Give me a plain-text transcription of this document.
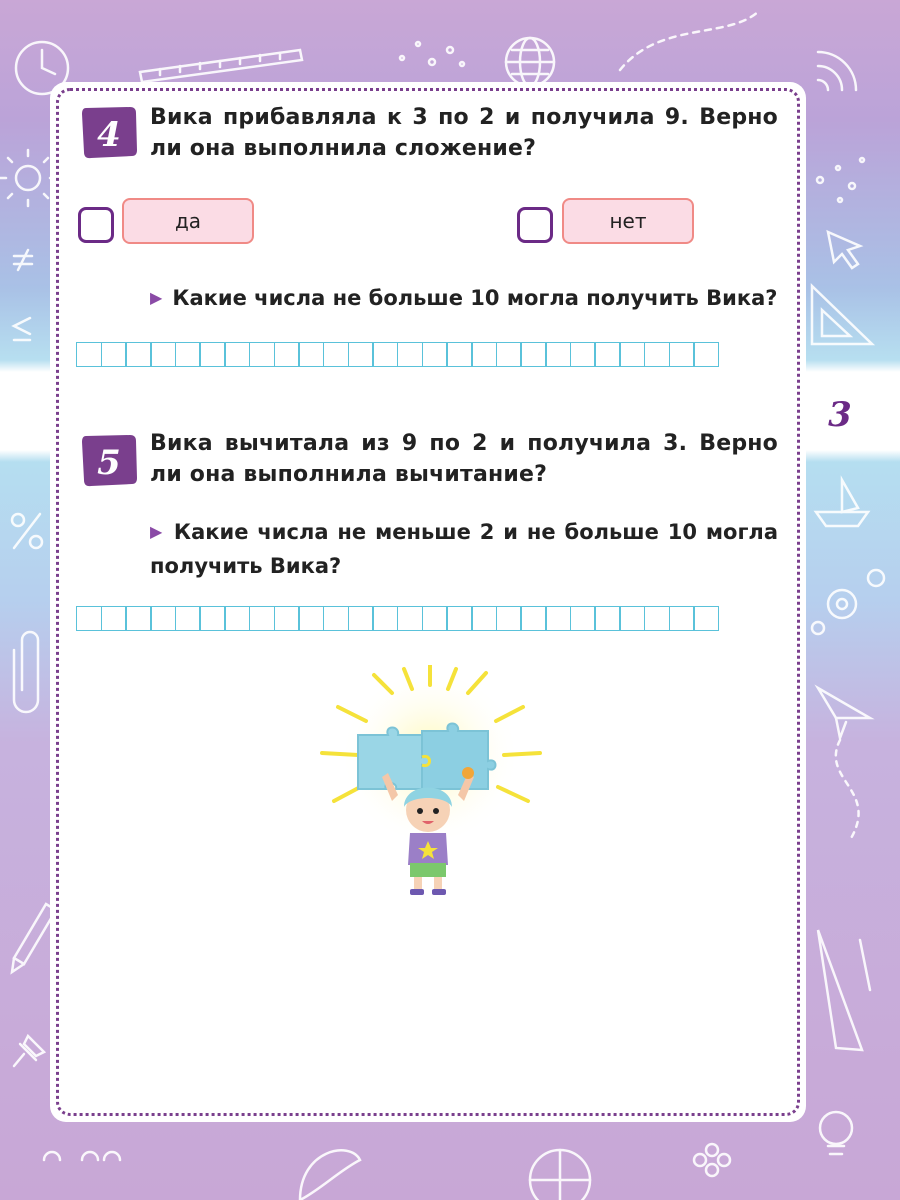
3
4 Вика прибавляла к 3 по 2 и получила 9. Верно ли она выполнила сложение?
да	нет
▶ Какие числа не больше 10 могла получить Вика?
5 Вика вычитала из 9 по 2 и получила 3. Верно ли она выполнила вычитание?
▶ Какие числа не меньше 2 и не больше 10 могла получить Вика?
